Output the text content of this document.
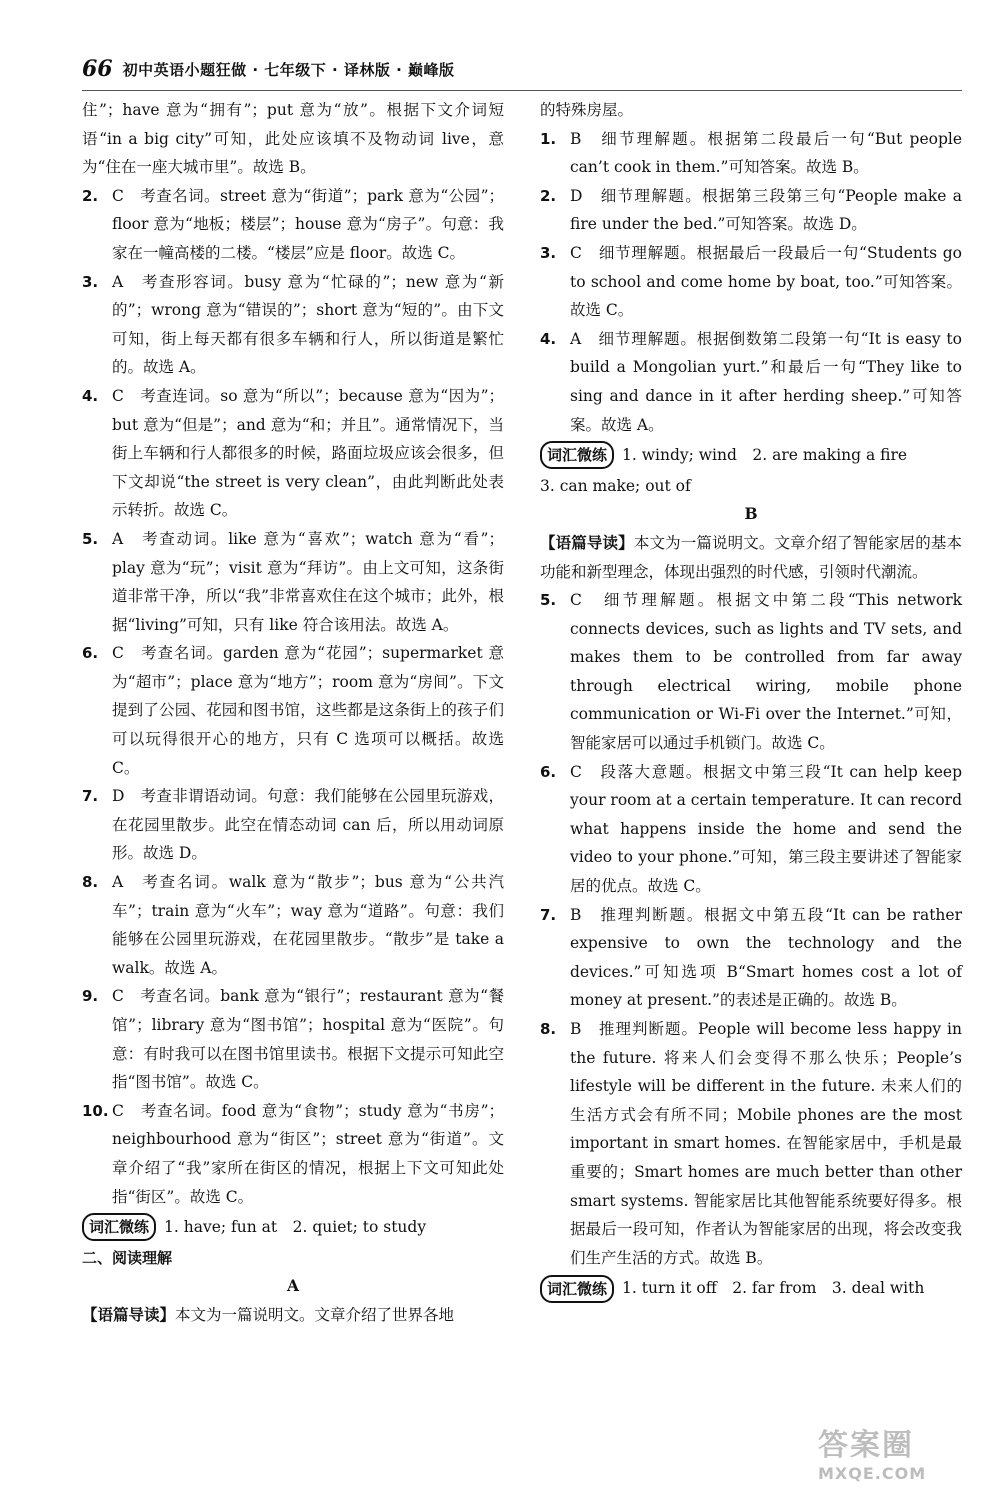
66 初中英语小题狂做 · 七年级下 · 译林版 · 巅峰版
住”；have 意为“拥有”；put 意为“放”。根据下文介词短语“in a big city”可知，此处应该填不及物动词 live，意为“住在一座大城市里”。故选 B。
2. C　考查名词。street 意为“街道”；park 意为“公园”；floor 意为“地板；楼层”；house 意为“房子”。句意：我家在一幢高楼的二楼。“楼层”应是 floor。故选 C。
3. A　考查形容词。busy 意为“忙碌的”；new 意为“新的”；wrong 意为“错误的”；short 意为“短的”。由下文可知，街上每天都有很多车辆和行人，所以街道是繁忙的。故选 A。
4. C　考查连词。so 意为“所以”；because 意为“因为”；but 意为“但是”；and 意为“和；并且”。通常情况下，当街上车辆和行人都很多的时候，路面垃圾应该会很多，但下文却说“the street is very clean”，由此判断此处表示转折。故选 C。
5. A　考查动词。like 意为“喜欢”；watch 意为“看”；play 意为“玩”；visit 意为“拜访”。由上文可知，这条街道非常干净，所以“我”非常喜欢住在这个城市；此外，根据“living”可知，只有 like 符合该用法。故选 A。
6. C　考查名词。garden 意为“花园”；supermarket 意为“超市”；place 意为“地方”；room 意为“房间”。下文提到了公园、花园和图书馆，这些都是这条街上的孩子们可以玩得很开心的地方，只有 C 选项可以概括。故选 C。
7. D　考查非谓语动词。句意：我们能够在公园里玩游戏，在花园里散步。此空在情态动词 can 后，所以用动词原形。故选 D。
8. A　考查名词。walk 意为“散步”；bus 意为“公共汽车”；train 意为“火车”；way 意为“道路”。句意：我们能够在公园里玩游戏，在花园里散步。“散步”是 take a walk。故选 A。
9. C　考查名词。bank 意为“银行”；restaurant 意为“餐馆”；library 意为“图书馆”；hospital 意为“医院”。句意：有时我可以在图书馆里读书。根据下文提示可知此空指“图书馆”。故选 C。
10. C　考查名词。food 意为“食物”；study 意为“书房”；neighbourhood 意为“街区”；street 意为“街道”。文章介绍了“我”家所在街区的情况，根据上下文可知此处指“街区”。故选 C。
词汇微练 1. have; fun at　2. quiet; to study
二、阅读理解
A
【语篇导读】本文为一篇说明文。文章介绍了世界各地
的特殊房屋。
1. B　细节理解题。根据第二段最后一句“But people can’t cook in them.”可知答案。故选 B。
2. D　细节理解题。根据第三段第三句“People make a fire under the bed.”可知答案。故选 D。
3. C　细节理解题。根据最后一段最后一句“Students go to school and come home by boat, too.”可知答案。故选 C。
4. A　细节理解题。根据倒数第二段第一句“It is easy to build a Mongolian yurt.”和最后一句“They like to sing and dance in it after herding sheep.”可知答案。故选 A。
词汇微练 1. windy; wind　2. are making a fire
3. can make; out of
B
【语篇导读】本文为一篇说明文。文章介绍了智能家居的基本功能和新型理念，体现出强烈的时代感，引领时代潮流。
5. C　细节理解题。根据文中第二段“This network connects devices, such as lights and TV sets, and makes them to be controlled from far away through electrical wiring, mobile phone communication or Wi-Fi over the Internet.”可知，智能家居可以通过手机锁门。故选 C。
6. C　段落大意题。根据文中第三段“It can help keep your room at a certain temperature. It can record what happens inside the home and send the video to your phone.”可知，第三段主要讲述了智能家居的优点。故选 C。
7. B　推理判断题。根据文中第五段“It can be rather expensive to own the technology and the devices.”可知选项 B“Smart homes cost a lot of money at present.”的表述是正确的。故选 B。
8. B　推理判断题。People will become less happy in the future. 将来人们会变得不那么快乐；People’s lifestyle will be different in the future. 未来人们的生活方式会有所不同；Mobile phones are the most important in smart homes. 在智能家居中，手机是最重要的；Smart homes are much better than other smart systems. 智能家居比其他智能系统要好得多。根据最后一段可知，作者认为智能家居的出现，将会改变我们生产生活的方式。故选 B。
词汇微练 1. turn it off　2. far from　3. deal with
答案圈
MXQE.COM
